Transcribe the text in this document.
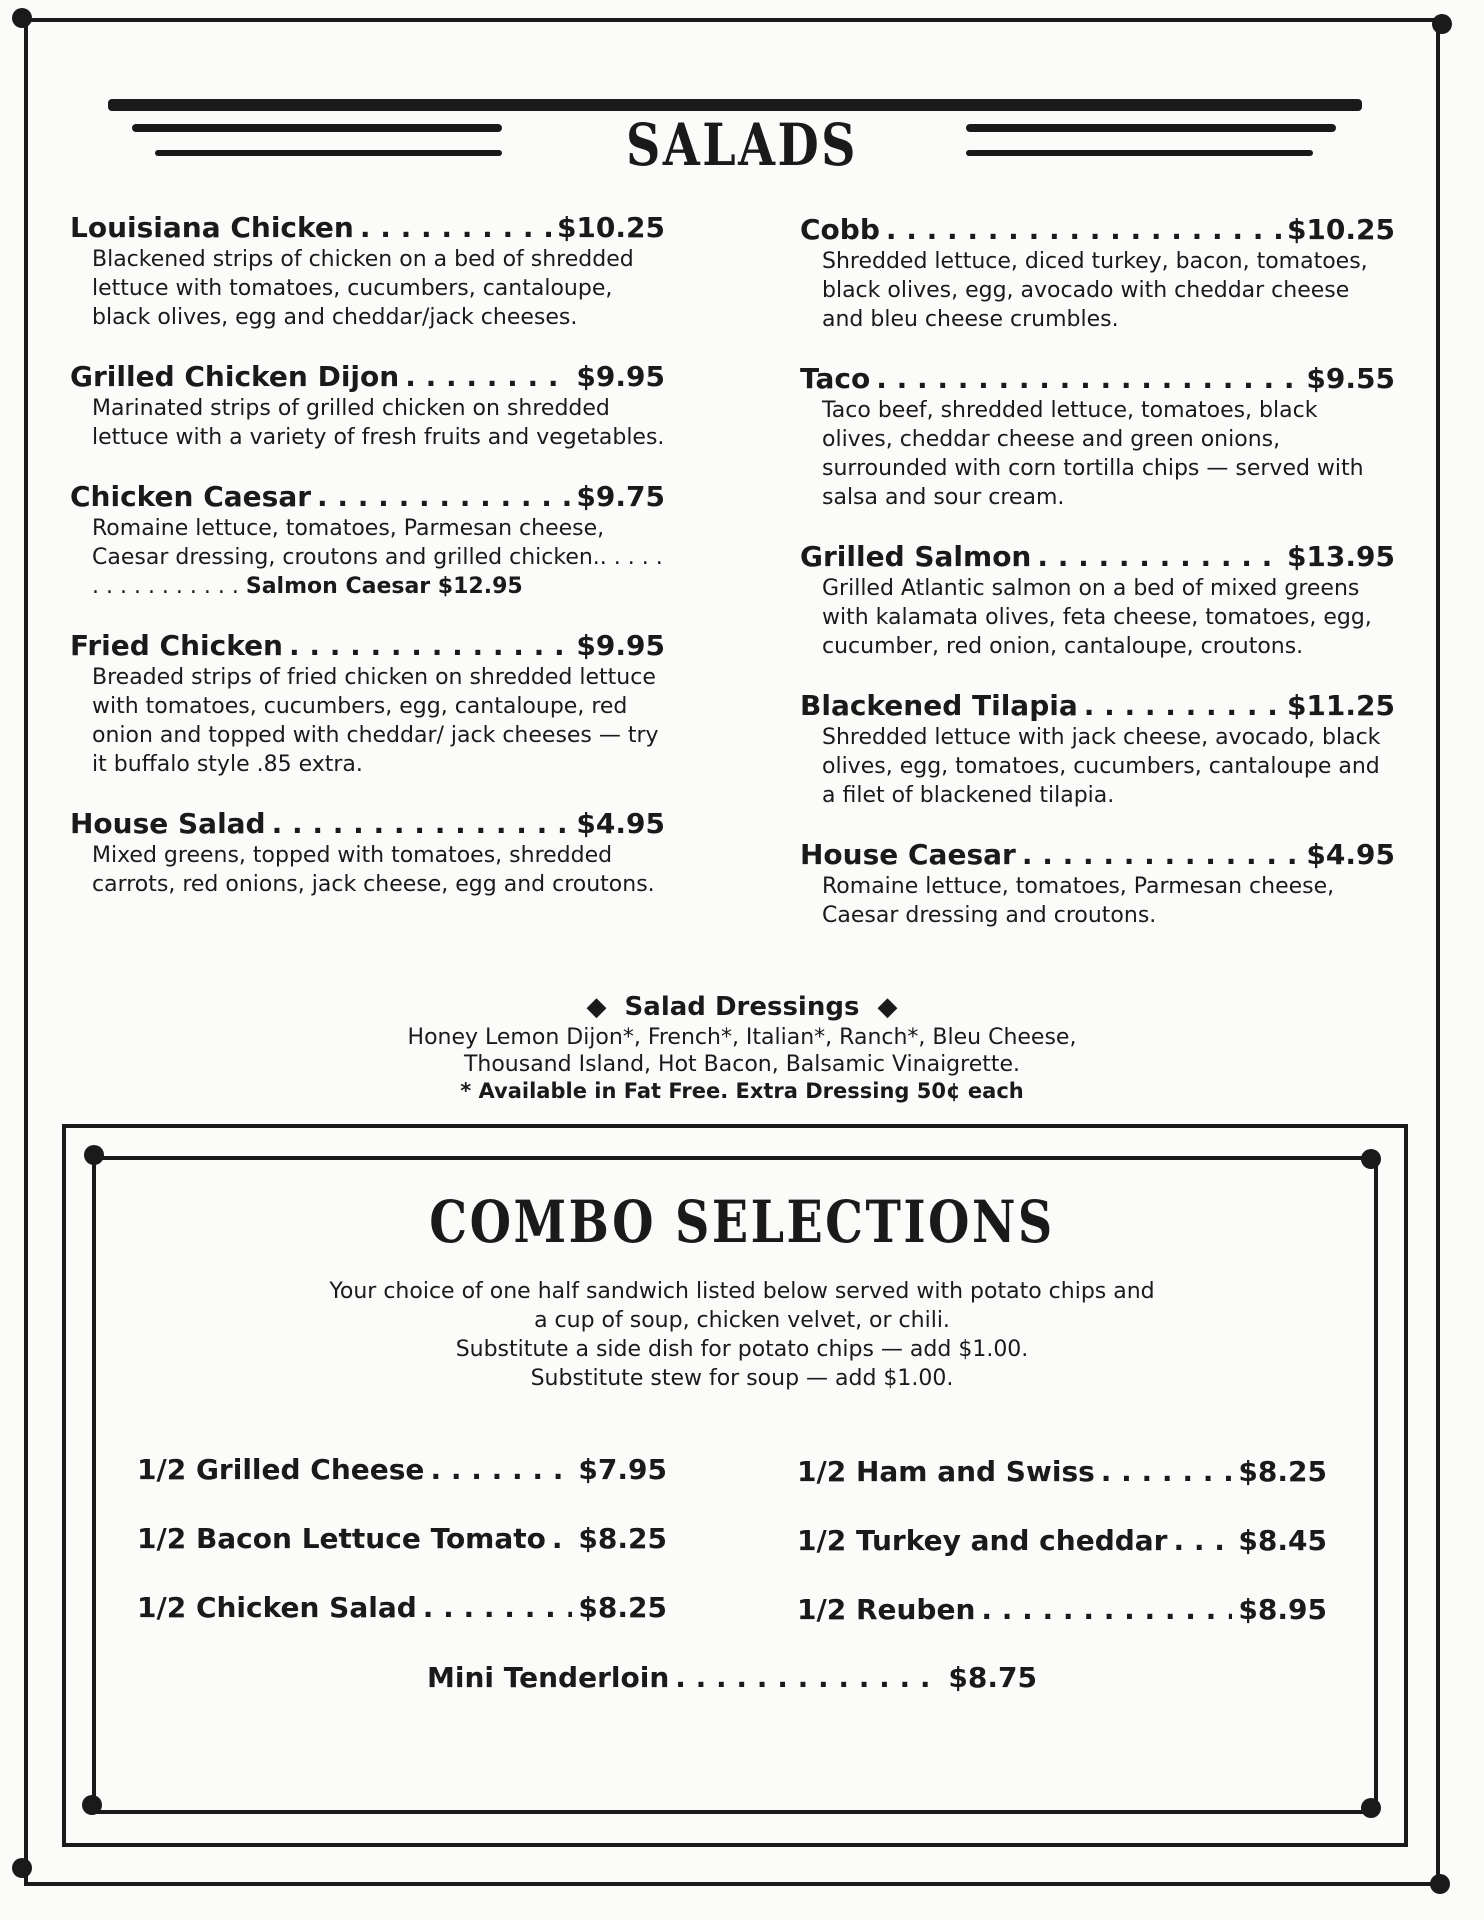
SALADS
Louisiana Chicken . . .	$10.25
Blackened strips of chicken on a bed of shredded lettuce with tomatoes, cucumbers, cantaloupe, black olives, egg and cheddar/jack cheeses.
Grilled Chicken Dijon . . .	$9.95
Marinated strips of grilled chicken on shredded lettuce with a variety of fresh fruits and vegetables.
Chicken Caesar . . .	$9.75
Romaine lettuce, tomatoes, Parmesan cheese, Caesar dressing, croutons and grilled chicken.. . . . . . . . . . . . . . . . Salmon Caesar $12.95
Fried Chicken . . .	$9.95
Breaded strips of fried chicken on shredded lettuce with tomatoes, cucumbers, egg, cantaloupe, red onion and topped with cheddar/ jack cheeses — try it buffalo style .85 extra.
House Salad . . .	$4.95
Mixed greens, topped with tomatoes, shredded carrots, red onions, jack cheese, egg and croutons.
Cobb . . .	$10.25
Shredded lettuce, diced turkey, bacon, tomatoes, black olives, egg, avocado with cheddar cheese and bleu cheese crumbles.
Taco . . .	$9.55
Taco beef, shredded lettuce, tomatoes, black olives, cheddar cheese and green onions, surrounded with corn tortilla chips — served with salsa and sour cream.
Grilled Salmon . . .	$13.95
Grilled Atlantic salmon on a bed of mixed greens with kalamata olives, feta cheese, tomatoes, egg, cucumber, red onion, cantaloupe, croutons.
Blackened Tilapia . . .	$11.25
Shredded lettuce with jack cheese, avocado, black olives, egg, tomatoes, cucumbers, cantaloupe and a filet of blackened tilapia.
House Caesar . . .	$4.95
Romaine lettuce, tomatoes, Parmesan cheese, Caesar dressing and croutons.
◆ Salad Dressings ◆
Honey Lemon Dijon*, French*, Italian*, Ranch*, Bleu Cheese,
Thousand Island, Hot Bacon, Balsamic Vinaigrette.
* Available in Fat Free. Extra Dressing 50¢ each
COMBO SELECTIONS
Your choice of one half sandwich listed below served with potato chips and
a cup of soup, chicken velvet, or chili.
Substitute a side dish for potato chips — add $1.00.
Substitute stew for soup — add $1.00.
1/2 Grilled Cheese . . .	$7.95
1/2 Bacon Lettuce Tomato . . . $8.25
1/2 Chicken Salad . . .	$8.25
1/2 Ham and Swiss . . .	$8.25
1/2 Turkey and cheddar . . .	$8.45
1/2 Reuben . . .	$8.95
Mini Tenderloin . . .	$8.75
